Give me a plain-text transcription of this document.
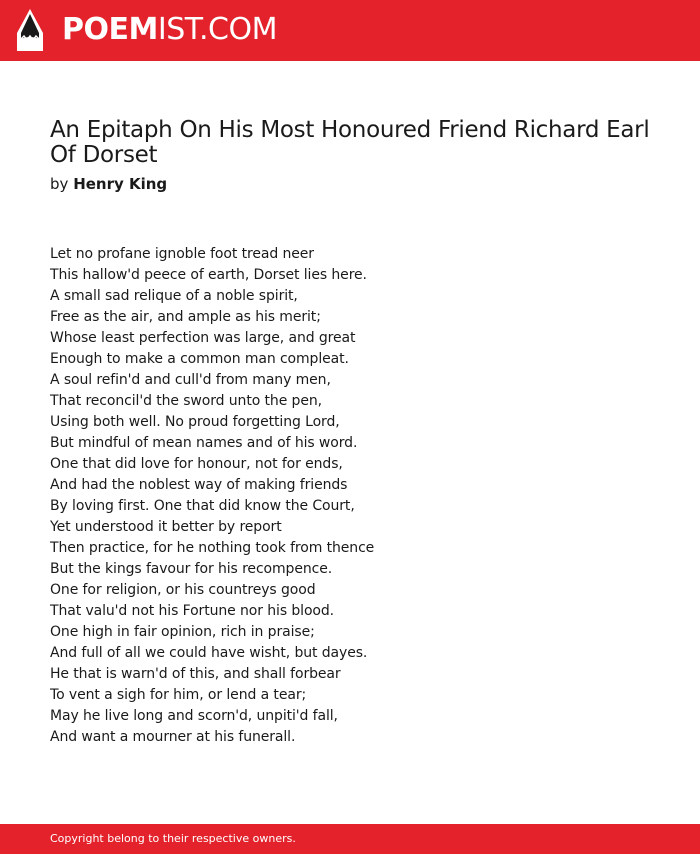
POEMIST.COM
An Epitaph On His Most Honoured Friend Richard Earl Of Dorset
by Henry King
Let no profane ignoble foot tread neer
This hallow'd peece of earth, Dorset lies here.
A small sad relique of a noble spirit,
Free as the air, and ample as his merit;
Whose least perfection was large, and great
Enough to make a common man compleat.
A soul refin'd and cull'd from many men,
That reconcil'd the sword unto the pen,
Using both well. No proud forgetting Lord,
But mindful of mean names and of his word.
One that did love for honour, not for ends,
And had the noblest way of making friends
By loving first. One that did know the Court,
Yet understood it better by report
Then practice, for he nothing took from thence
But the kings favour for his recompence.
One for religion, or his countreys good
That valu'd not his Fortune nor his blood.
One high in fair opinion, rich in praise;
And full of all we could have wisht, but dayes.
He that is warn'd of this, and shall forbear
To vent a sigh for him, or lend a tear;
May he live long and scorn'd, unpiti'd fall,
And want a mourner at his funerall.
Copyright belong to their respective owners.
